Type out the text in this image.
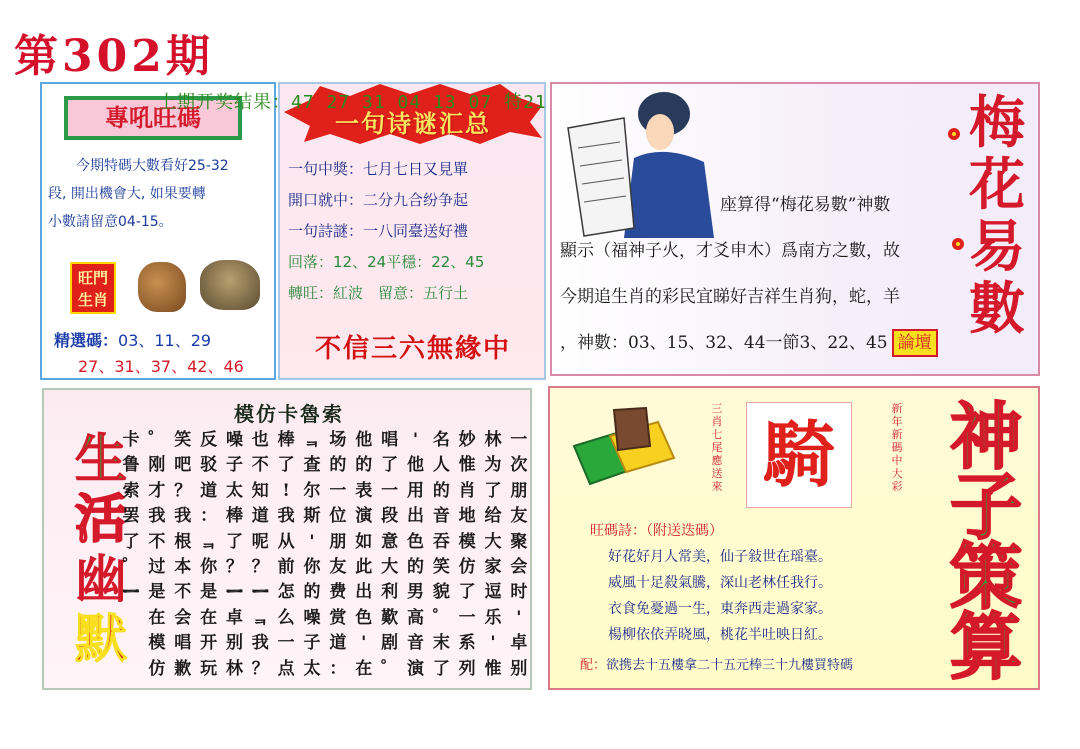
第302期
上期开奖结果：47 27 31 04 13 07 特21
專吼旺碼
今期特碼大數看好25-32
段, 開出機會大, 如果要轉
小數請留意04-15。
旺門
生肖
精選碼：03、11、29
27、31、37、42、46
一句诗谜汇总
一句中獎：七月七日又見單
開口就中：二分九合纷争起
一句詩謎：一八同臺送好禮
回落：12、24平穩：22、45
轉旺：紅波　留意：五行土
不信三六無緣中
梅
花
易
數
座算得“梅花易數”神數
顯示（福神子火，才爻申木）爲南方之數，故
今期追生肖的彩民宜睇好吉祥生肖狗，蛇，羊
，神數：03、15、32、44一節3、22、45 論壇
模仿卡魯索
生
活
幽
默
卡 ゜ 笑 反 噪 也 棒 ᆿ 场 他 唱 ' 名 妙 林 一
鲁 刚 吧 驳 子 不 了 查 的 的 了 他 人 惟 为 次
索 才 ？ 道 太 知 ! 尔 一 表 一 用 的 肖 了 朋
罢 我 我 ： 棒 道 我 斯 位 演 段 出 音 地 给 友
了 不 根 ᆿ 了 呢 从 ' 朋 如 意 色 吞 模 大 聚
゜ 过 本 你 ？ ？ 前 你 友 此 大 的 笑 仿 家 会
ᆖ 是 不 是 ᆖ ᆖ 怎 的 费 出 利 男 貌 了 逗 时
在 会 在 卓 ᆿ 么 噪 赏 色 歎 高 ゜ 一 乐 '
模 唱 开 别 我 一 子 道 ' 剧 音 末 系 ' 卓
仿 歉 玩 林 ？ 点 太 ： 在 ゜ 演 了 列 惟 别
騎
三肖七尾應送來
新年新碼中大彩
神
子
策
算
旺碼詩：（附送迭碼）
好花好月人常美，仙子敍世在瑶臺。
威風十足殺氣騰，深山老林任我行。
衣食免憂過一生，東奔西走過家家。
楊柳依依弄晓風，桃花半吐映日紅。
配：欲携去十五樓拿二十五元棒三十九樓買特碼
